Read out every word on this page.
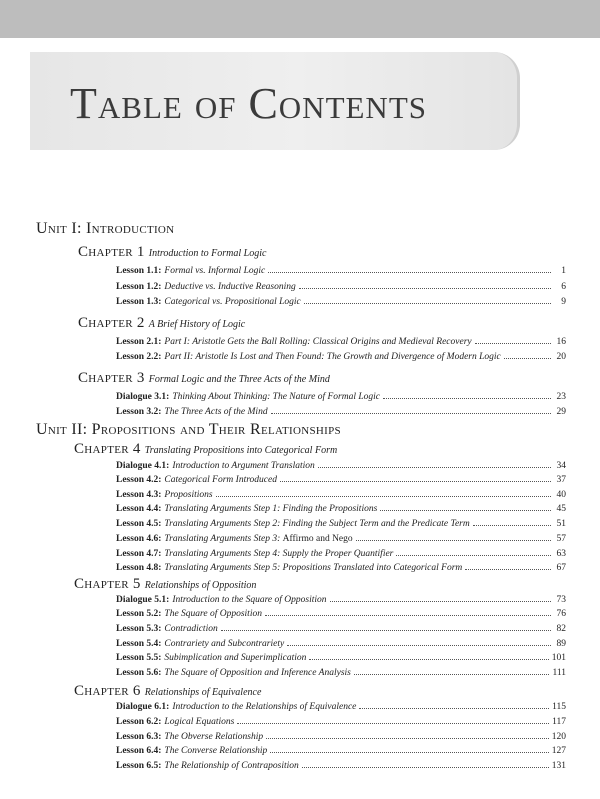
Table of Contents
Unit I: Introduction
Chapter 1 Introduction to Formal Logic
Lesson 1.1: Formal vs. Informal Logic	1
Lesson 1.2: Deductive vs. Inductive Reasoning	6
Lesson 1.3: Categorical vs. Propositional Logic	9
Chapter 2 A Brief History of Logic
Lesson 2.1: Part I: Aristotle Gets the Ball Rolling: Classical Origins and Medieval Recovery	16
Lesson 2.2: Part II: Aristotle Is Lost and Then Found: The Growth and Divergence of Modern Logic	20
Chapter 3 Formal Logic and the Three Acts of the Mind
Dialogue 3.1: Thinking About Thinking: The Nature of Formal Logic	23
Lesson 3.2: The Three Acts of the Mind	29
Unit II: Propositions and Their Relationships
Chapter 4 Translating Propositions into Categorical Form
Dialogue 4.1: Introduction to Argument Translation	34
Lesson 4.2: Categorical Form Introduced	37
Lesson 4.3: Propositions	40
Lesson 4.4: Translating Arguments Step 1: Finding the Propositions	45
Lesson 4.5: Translating Arguments Step 2: Finding the Subject Term and the Predicate Term	51
Lesson 4.6: Translating Arguments Step 3: Affirmo and Nego	57
Lesson 4.7: Translating Arguments Step 4: Supply the Proper Quantifier	63
Lesson 4.8: Translating Arguments Step 5: Propositions Translated into Categorical Form	67
Chapter 5 Relationships of Opposition
Dialogue 5.1: Introduction to the Square of Opposition	73
Lesson 5.2: The Square of Opposition	76
Lesson 5.3: Contradiction	82
Lesson 5.4: Contrariety and Subcontrariety	89
Lesson 5.5: Subimplication and Superimplication	101
Lesson 5.6: The Square of Opposition and Inference Analysis	111
Chapter 6 Relationships of Equivalence
Dialogue 6.1: Introduction to the Relationships of Equivalence	115
Lesson 6.2: Logical Equations	117
Lesson 6.3: The Obverse Relationship	120
Lesson 6.4: The Converse Relationship	127
Lesson 6.5: The Relationship of Contraposition	131
